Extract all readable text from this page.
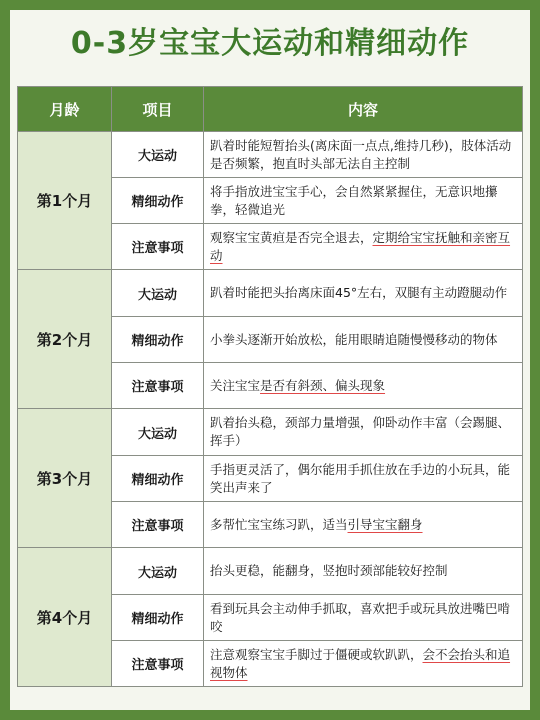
0-3岁宝宝大运动和精细动作
月龄	项目	内容
第1个月	大运动	趴着时能短暂抬头(离床面一点点,维持几秒)，肢体活动是否频繁，抱直时头部无法自主控制
	精细动作	将手指放进宝宝手心，会自然紧紧握住，无意识地攥拳，轻微追光
	注意事项	观察宝宝黄疸是否完全退去，定期给宝宝抚触和亲密互动
第2个月	大运动	趴着时能把头抬离床面45°左右，双腿有主动蹬腿动作
	精细动作	小拳头逐渐开始放松，能用眼睛追随慢慢移动的物体
	注意事项	关注宝宝是否有斜颈、偏头现象
第3个月	大运动	趴着抬头稳，颈部力量增强，仰卧动作丰富（会踢腿、挥手）
	精细动作	手指更灵活了，偶尔能用手抓住放在手边的小玩具，能笑出声来了
	注意事项	多帮忙宝宝练习趴，适当引导宝宝翻身
第4个月	大运动	抬头更稳，能翻身，竖抱时颈部能较好控制
	精细动作	看到玩具会主动伸手抓取，喜欢把手或玩具放进嘴巴啃咬
	注意事项	注意观察宝宝手脚过于僵硬或软趴趴，会不会抬头和追视物体
